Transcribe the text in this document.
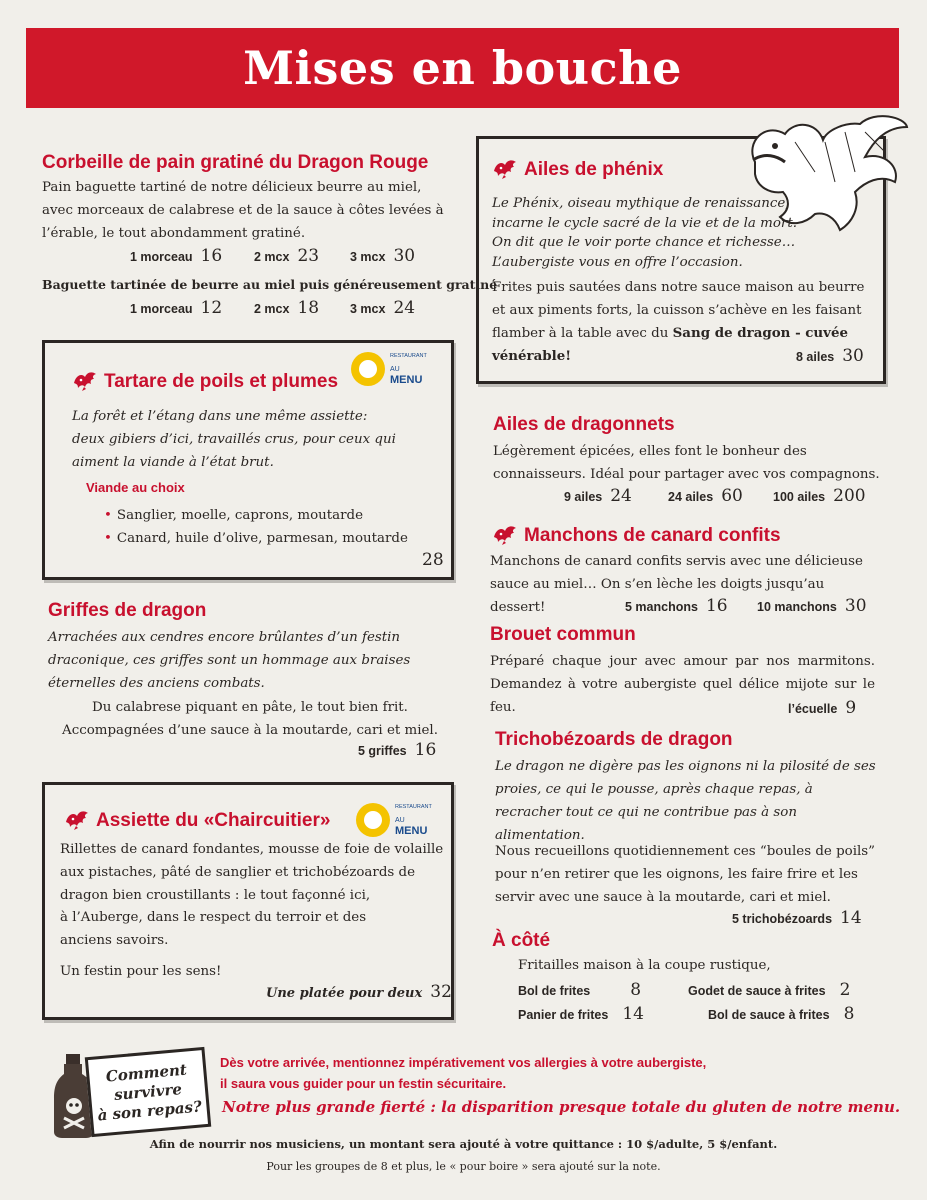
Mises en bouche
Corbeille de pain gratiné du Dragon Rouge
Pain baguette tartiné de notre délicieux beurre au miel, avec morceaux de calabrese et de la sauce à côtes levées à l’érable, le tout abondamment gratiné.
1 morceau 16	2 mcx 23 3 mcx 30
Baguette tartinée de beurre au miel puis généreusement gratiné
1 morceau 12	2 mcx 18 3 mcx 24
Tartare de poils et plumes
RESTAURANT
AU
MENU
La forêt et l’étang dans une même assiette: deux gibiers d’ici, travaillés crus, pour ceux qui aiment la viande à l’état brut.
Viande au choix
• Sanglier, moelle, caprons, moutarde
• Canard, huile d’olive, parmesan, moutarde
28
Griffes de dragon
Arrachées aux cendres encore brûlantes d’un festin draconique, ces griffes sont un hommage aux braises éternelles des anciens combats.
Du calabrese piquant en pâte, le tout bien frit. Accompagnées d’une sauce à la moutarde, cari et miel.
5 griffes 16
Assiette du «Chaircuitier»
RESTAURANT
AU
MENU
Rillettes de canard fondantes, mousse de foie de volaille aux pistaches, pâté de sanglier et trichobézoards de dragon bien croustillants : le tout façonné ici,
à l’Auberge, dans le respect du terroir et des anciens savoirs.
Un festin pour les sens!
Une platée pour deux 32
Ailes de phénix
Le Phénix, oiseau mythique de renaissance,
incarne le cycle sacré de la vie et de la mort.
On dit que le voir porte chance et richesse…
L’aubergiste vous en offre l’occasion.
Frites puis sautées dans notre sauce maison au beurre et aux piments forts, la cuisson s’achève en les faisant flamber à la table avec du Sang de dragon - cuvée vénérable!	8 ailes 30
Ailes de dragonnets
Légèrement épicées, elles font le bonheur des connaisseurs. Idéal pour partager avec vos compagnons.
9 ailes 24	24 ailes 60 100 ailes 200
Manchons de canard confits
Manchons de canard confits servis avec une délicieuse sauce au miel… On s’en lèche les doigts jusqu’au dessert!	5 manchons 16 10 manchons 30
Brouet commun
Préparé chaque jour avec amour par nos marmitons. Demandez à votre aubergiste quel délice mijote sur le feu.	l’écuelle 9
Trichobézoards de dragon
Le dragon ne digère pas les oignons ni la pilosité de ses proies, ce qui le pousse, après chaque repas, à recracher tout ce qui ne contribue pas à son alimentation.
Nous recueillons quotidiennement ces “boules de poils” pour n’en retirer que les oignons, les faire frire et les servir avec une sauce à la moutarde, cari et miel.
5 trichobézoards 14
À côté
Fritailles maison à la coupe rustique,
Bol de frites 8	Godet de sauce à frites 2
Panier de frites 14	Bol de sauce à frites 8
Comment
survivre
à son repas?
Dès votre arrivée, mentionnez impérativement vos allergies à votre aubergiste,
il saura vous guider pour un festin sécuritaire.
Notre plus grande fierté : la disparition presque totale du gluten de notre menu.
Afin de nourrir nos musiciens, un montant sera ajouté à votre quittance : 10 $/adulte, 5 $/enfant.
Pour les groupes de 8 et plus, le « pour boire » sera ajouté sur la note.
